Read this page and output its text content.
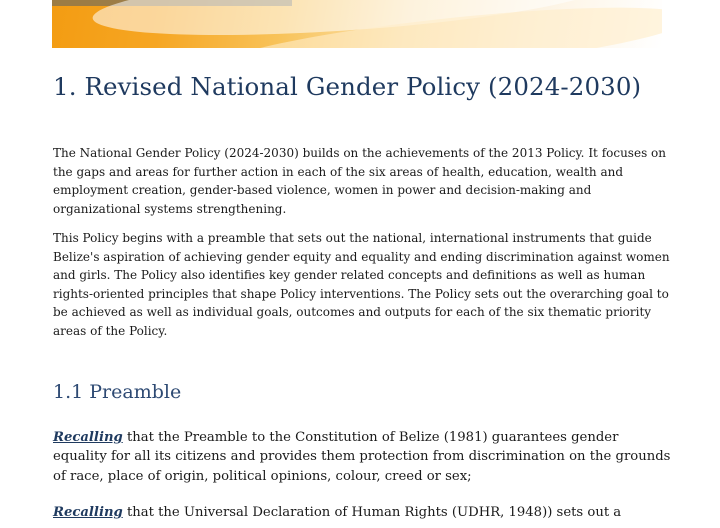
1. Revised National Gender Policy (2024-2030)

The National Gender Policy (2024-2030) builds on the achievements of the 2013 Policy. It focuses on the gaps and areas for further action in each of the six areas of health, education, wealth and employment creation, gender-based violence, women in power and decision-making and organizational systems strengthening.

This Policy begins with a preamble that sets out the national, international instruments that guide Belize's aspiration of achieving gender equity and equality and ending discrimination against women and girls. The Policy also identifies key gender related concepts and definitions as well as human rights-oriented principles that shape Policy interventions. The Policy sets out the overarching goal to be achieved as well as individual goals, outcomes and outputs for each of the six thematic priority areas of the Policy.

1.1 Preamble

Recalling that the Preamble to the Constitution of Belize (1981) guarantees gender equality for all its citizens and provides them protection from discrimination on the grounds of race, place of origin, political opinions, colour, creed or sex;

Recalling that the Universal Declaration of Human Rights (UDHR, 1948)) sets out a
